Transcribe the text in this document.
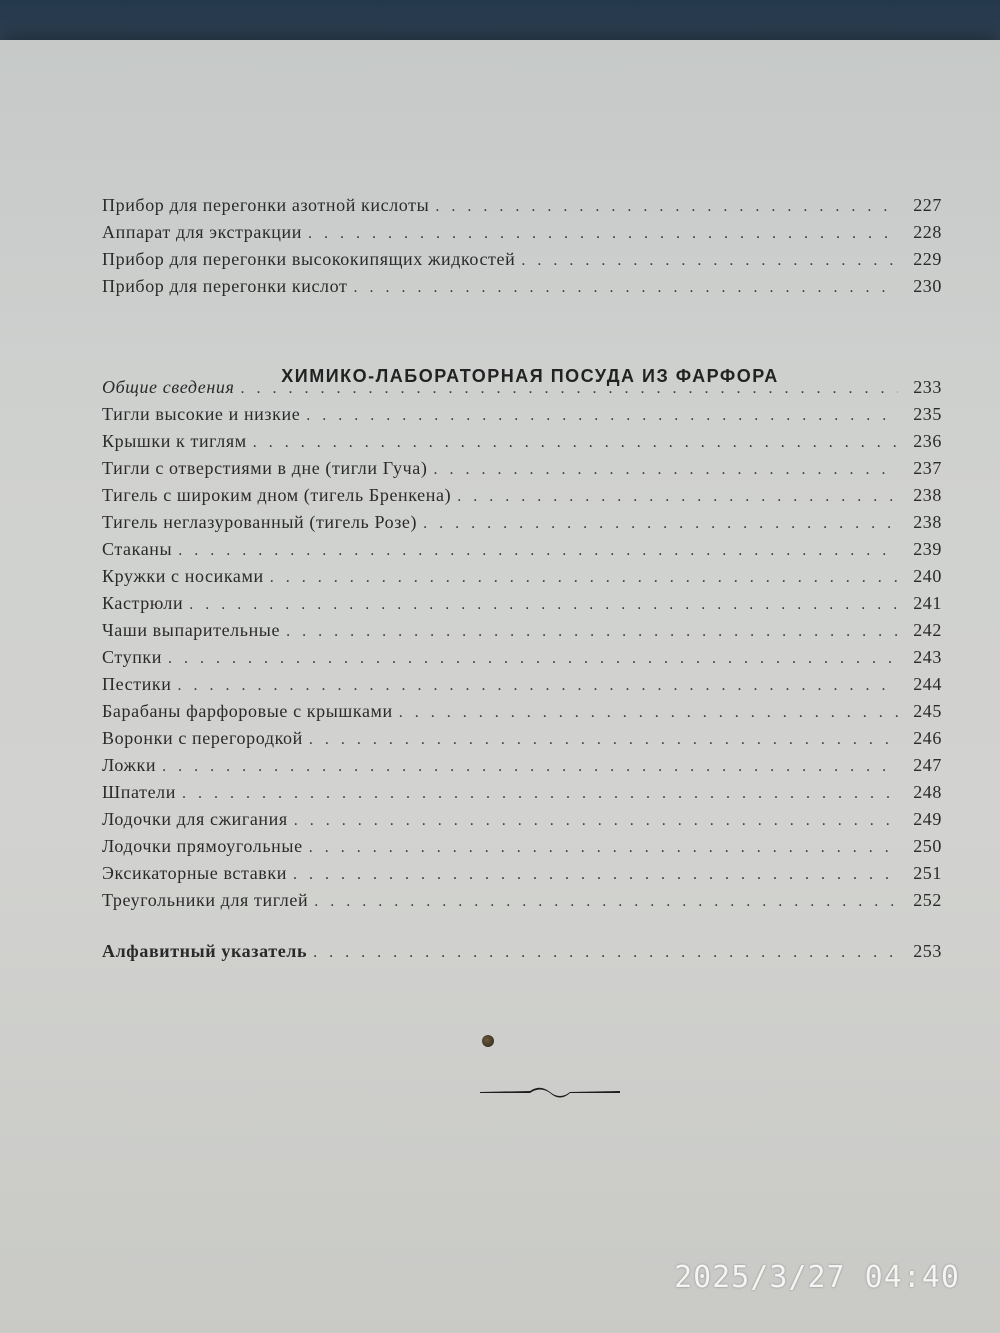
Прибор для перегонки азотной кислоты . . .	227
Аппарат для экстракции . . .	228
Прибор для перегонки высококипящих жидкостей . . .	229
Прибор для перегонки кислот . . .	230
ХИМИКО-ЛАБОРАТОРНАЯ ПОСУДА ИЗ ФАРФОРА
Общие сведения . . .	233
Тигли высокие и низкие . . .	235
Крышки к тиглям . . .	236
Тигли с отверстиями в дне (тигли Гуча) . . .	237
Тигель с широким дном (тигель Бренкена) . . .	238
Тигель неглазурованный (тигель Розе) . . .	238
Стаканы . . .	239
Кружки с носиками . . .	240
Кастрюли . . .	241
Чаши выпарительные . . .	242
Ступки . . .	243
Пестики . . .	244
Барабаны фарфоровые с крышками . . .	245
Воронки с перегородкой . . .	246
Ложки . . .	247
Шпатели . . .	248
Лодочки для сжигания . . .	249
Лодочки прямоугольные . . .	250
Эксикаторные вставки . . .	251
Треугольники для тиглей . . .	252
Алфавитный указатель . . .	253
2025/3/27 04:40
